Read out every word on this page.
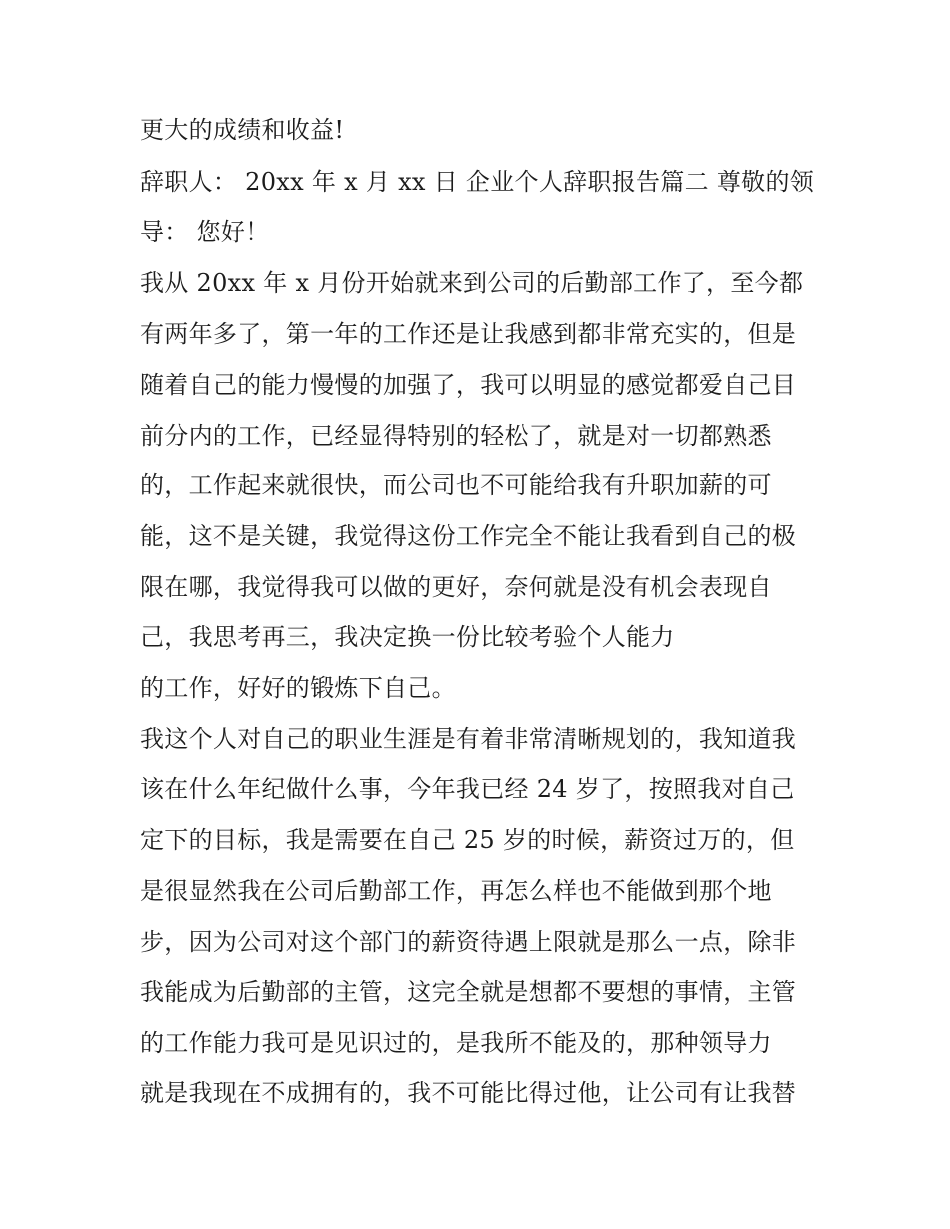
更大的成绩和收益!
辞职人： 20xx 年 x 月 xx 日 企业个人辞职报告篇二 尊敬的领
导： 您好！
我从 20xx 年 x 月份开始就来到公司的后勤部工作了，至今都
有两年多了，第一年的工作还是让我感到都非常充实的，但是
随着自己的能力慢慢的加强了，我可以明显的感觉都爱自己目
前分内的工作，已经显得特别的轻松了，就是对一切都熟悉
的，工作起来就很快，而公司也不可能给我有升职加薪的可
能，这不是关键，我觉得这份工作完全不能让我看到自己的极
限在哪，我觉得我可以做的更好，奈何就是没有机会表现自
己，我思考再三，我决定换一份比较考验个人能力
的工作，好好的锻炼下自己。
我这个人对自己的职业生涯是有着非常清晰规划的，我知道我
该在什么年纪做什么事，今年我已经 24 岁了，按照我对自己
定下的目标，我是需要在自己 25 岁的时候，薪资过万的，但
是很显然我在公司后勤部工作，再怎么样也不能做到那个地
步，因为公司对这个部门的薪资待遇上限就是那么一点，除非
我能成为后勤部的主管，这完全就是想都不要想的事情，主管
的工作能力我可是见识过的，是我所不能及的，那种领导力
就是我现在不成拥有的，我不可能比得过他，让公司有让我替
